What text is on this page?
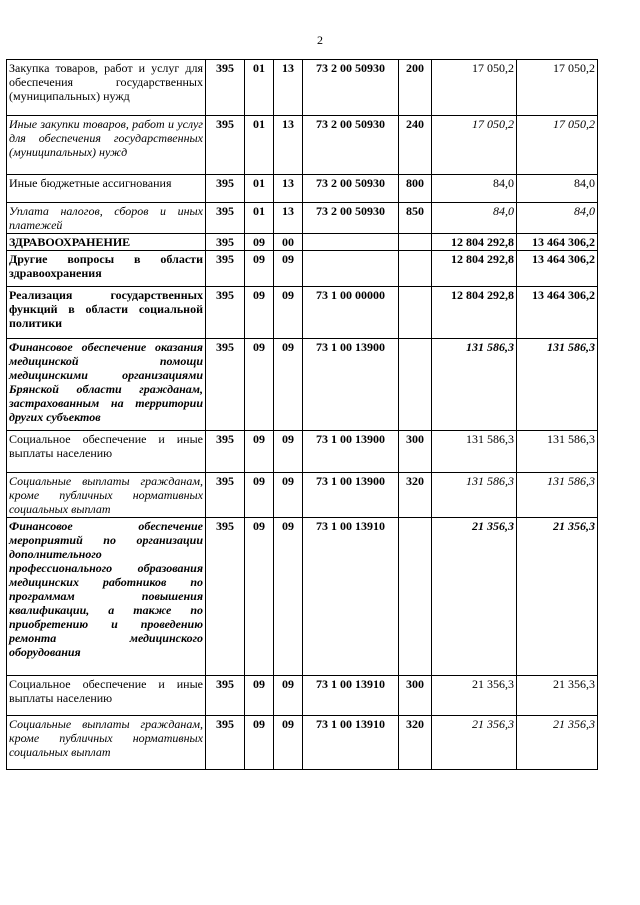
2
Закупка товаров, работ и услуг для обеспечения государственных (муниципальных) нужд	395	01	13	73 2 00 50930	200	17 050,2	17 050,2
Иные закупки товаров, работ и услуг для обеспечения государственных (муниципальных) нужд	395	01	13	73 2 00 50930	240	17 050,2	17 050,2
Иные бюджетные ассигнования	395	01	13	73 2 00 50930	800	84,0	84,0
Уплата налогов, сборов и иных платежей	395	01	13	73 2 00 50930	850	84,0	84,0
ЗДРАВООХРАНЕНИЕ	395	09	00			12 804 292,8	13 464 306,2
Другие вопросы в области здравоохранения	395	09	09			12 804 292,8	13 464 306,2
Реализация государственных функций в области социальной политики	395	09	09	73 1 00 00000		12 804 292,8	13 464 306,2
Финансовое обеспечение оказания медицинской помощи медицинскими организациями Брянской области гражданам, застрахованным на территории других субъектов	395	09	09	73 1 00 13900		131 586,3	131 586,3
Социальное обеспечение и иные выплаты населению	395	09	09	73 1 00 13900	300	131 586,3	131 586,3
Социальные выплаты гражданам, кроме публичных нормативных социальных выплат	395	09	09	73 1 00 13900	320	131 586,3	131 586,3
Финансовое обеспечение мероприятий по организации дополнительного профессионального образования медицинских работников по программам повышения квалификации, а также по приобретению и проведению ремонта медицинского оборудования	395	09	09	73 1 00 13910		21 356,3	21 356,3
Социальное обеспечение и иные выплаты населению	395	09	09	73 1 00 13910	300	21 356,3	21 356,3
Социальные выплаты гражданам, кроме публичных нормативных социальных выплат	395	09	09	73 1 00 13910	320	21 356,3	21 356,3
